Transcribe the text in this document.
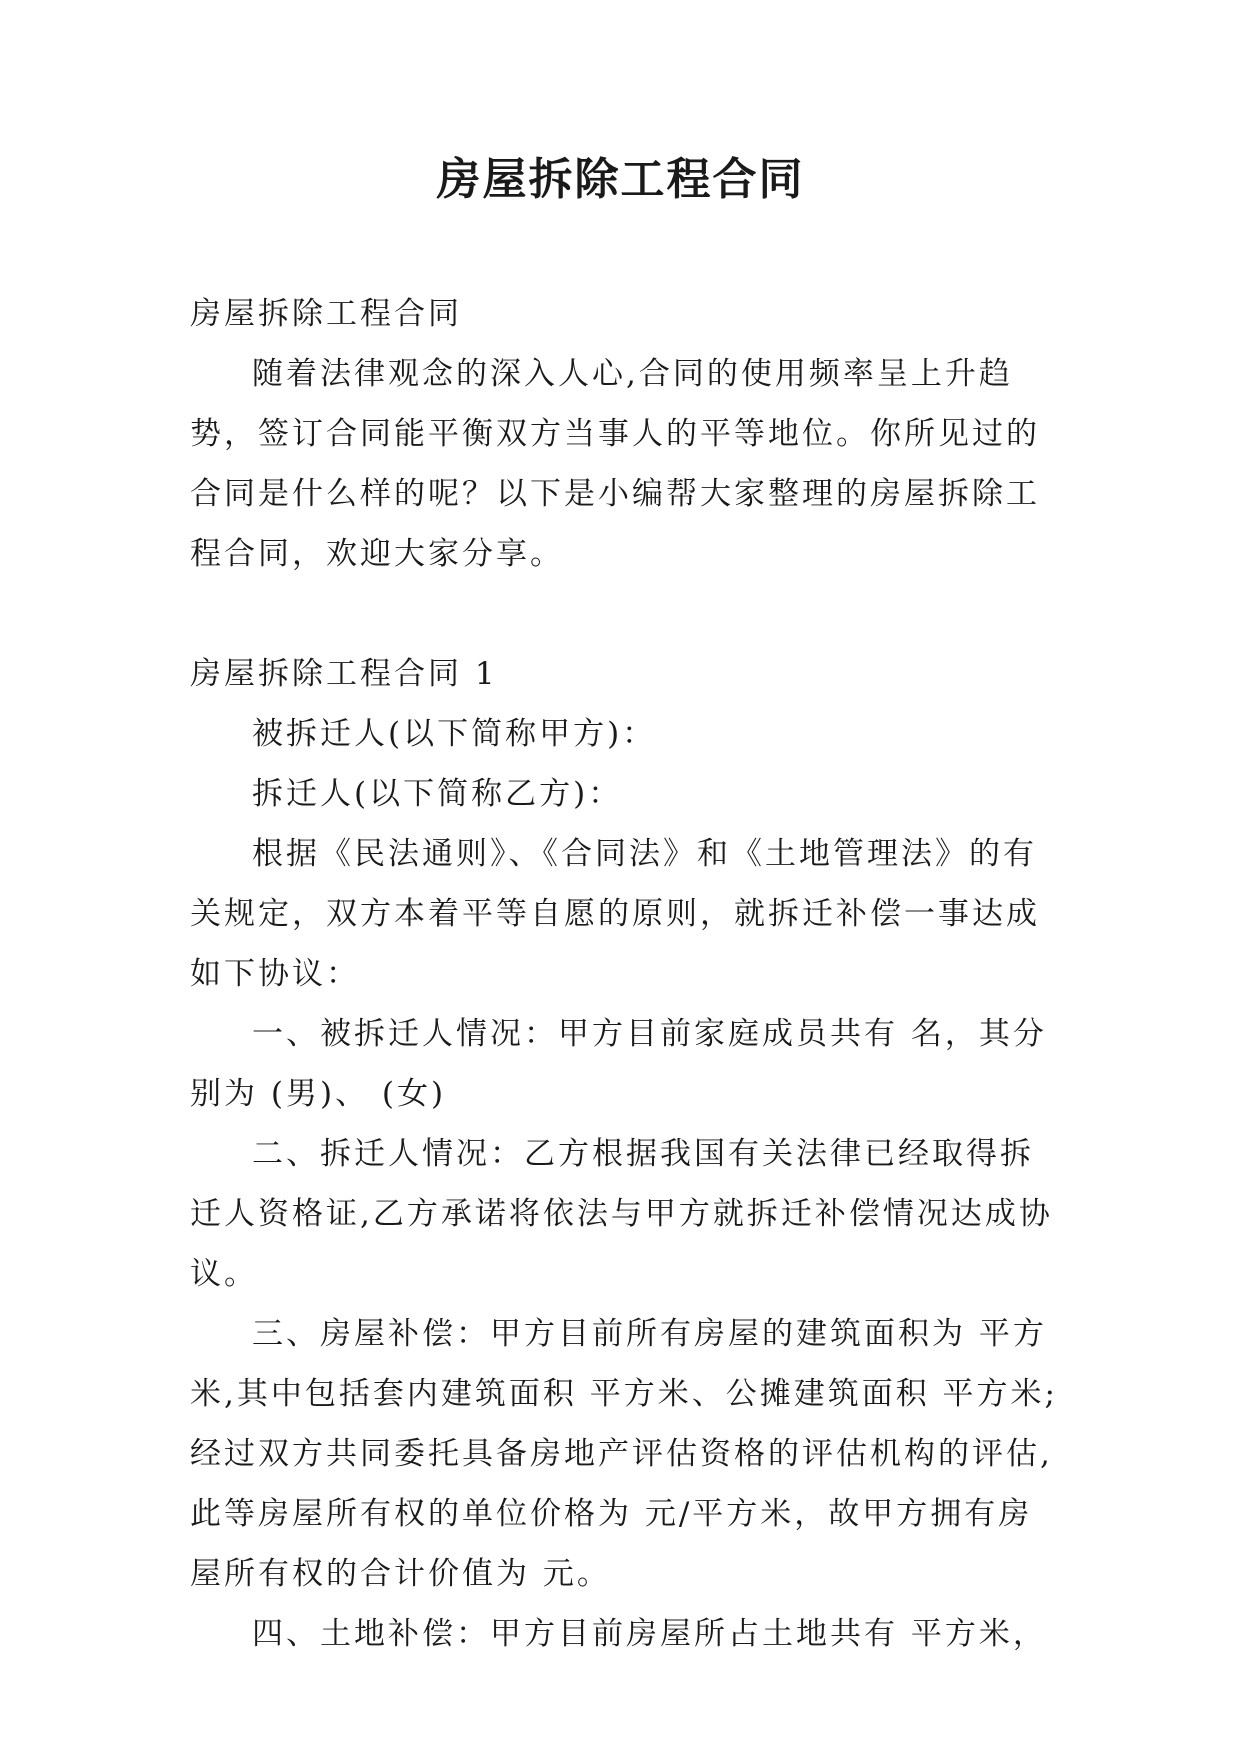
房屋拆除工程合同

房屋拆除工程合同

随着法律观念的深入人心,合同的使用频率呈上升趋势，签订合同能平衡双方当事人的平等地位。你所见过的合同是什么样的呢？以下是小编帮大家整理的房屋拆除工程合同，欢迎大家分享。

房屋拆除工程合同 1

被拆迁人(以下简称甲方)：

拆迁人(以下简称乙方)：

根据《民法通则》、《合同法》和《土地管理法》的有关规定，双方本着平等自愿的原则，就拆迁补偿一事达成如下协议：

一、被拆迁人情况：甲方目前家庭成员共有 名，其分别为 (男)、 (女)

二、拆迁人情况：乙方根据我国有关法律已经取得拆迁人资格证,乙方承诺将依法与甲方就拆迁补偿情况达成协议。

三、房屋补偿：甲方目前所有房屋的建筑面积为 平方米,其中包括套内建筑面积 平方米、公摊建筑面积 平方米;经过双方共同委托具备房地产评估资格的评估机构的评估,此等房屋所有权的单位价格为 元/平方米，故甲方拥有房屋所有权的合计价值为 元。

四、土地补偿：甲方目前房屋所占土地共有 平方米，
